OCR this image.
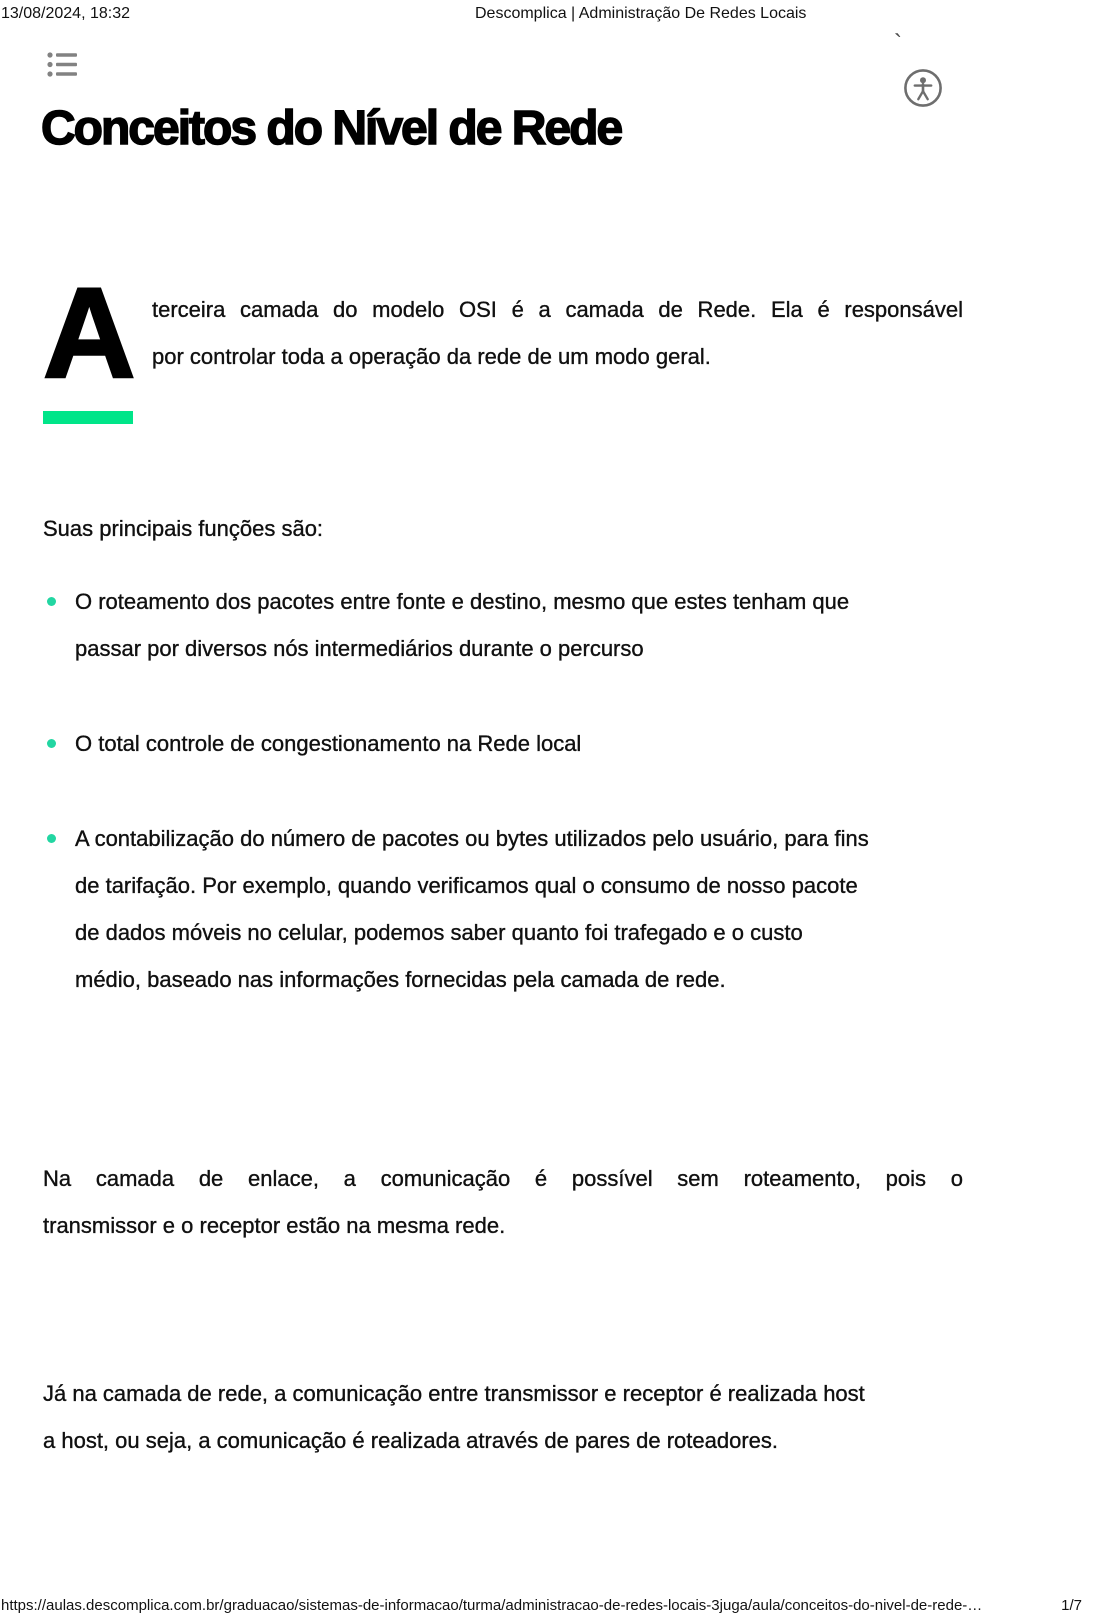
13/08/2024, 18:32	Descomplica | Administração De Redes Locais
`
Conceitos do Nível de Rede
A terceira camada do modelo OSI é a camada de Rede. Ela é responsável
por controlar toda a operação da rede de um modo geral.

Suas principais funções são:

O roteamento dos pacotes entre fonte e destino, mesmo que estes tenham que
passar por diversos nós intermediários durante o percurso
O total controle de congestionamento na Rede local
A contabilização do número de pacotes ou bytes utilizados pelo usuário, para fins
de tarifação. Por exemplo, quando verificamos qual o consumo de nosso pacote
de dados móveis no celular, podemos saber quanto foi trafegado e o custo
médio, baseado nas informações fornecidas pela camada de rede.

Na camada de enlace, a comunicação é possível sem roteamento, pois o
transmissor e o receptor estão na mesma rede.

Já na camada de rede, a comunicação entre transmissor e receptor é realizada host
a host, ou seja, a comunicação é realizada através de pares de roteadores.

https://aulas.descomplica.com.br/graduacao/sistemas-de-informacao/turma/administracao-de-redes-locais-3juga/aula/conceitos-do-nivel-de-rede-…	1/7
